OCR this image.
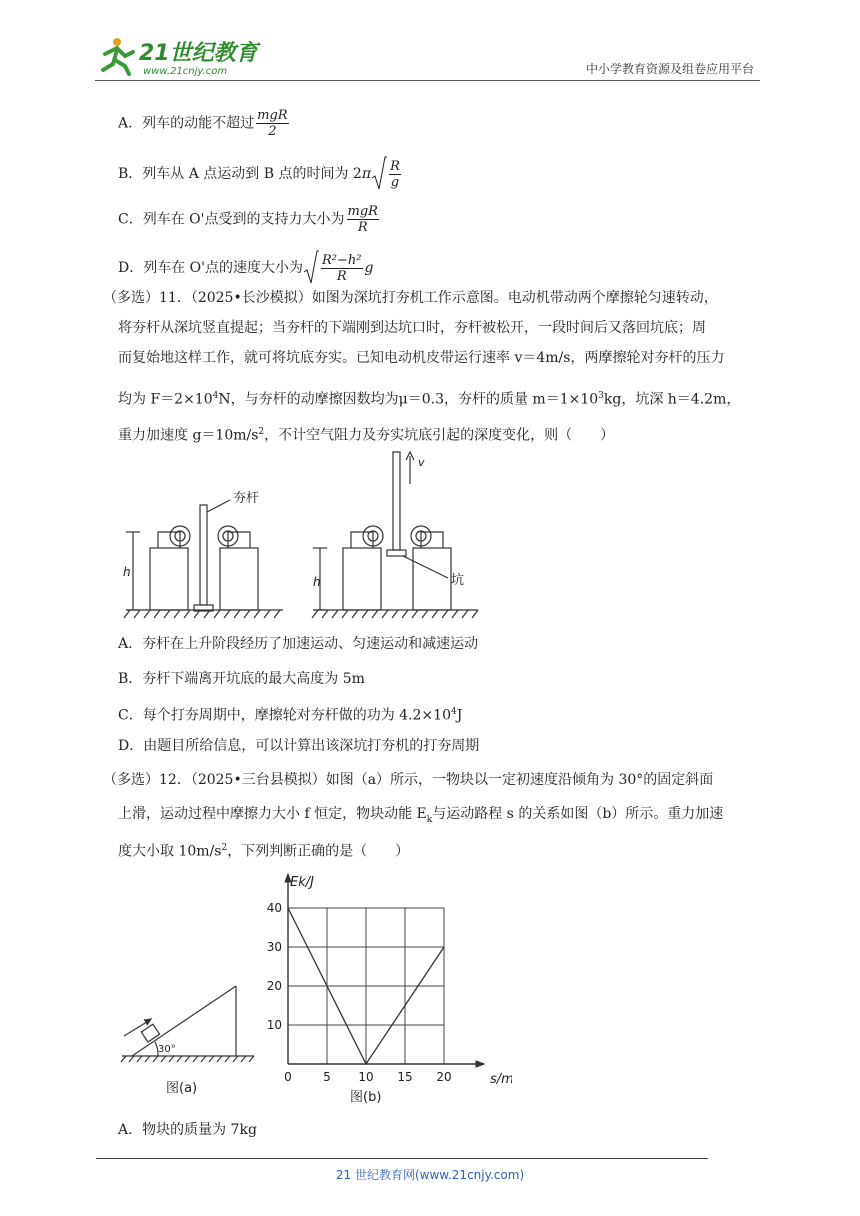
21世纪教育
www.21cnjy.com	中小学教育资源及组卷应用平台
A．列车的动能不超过 $\frac{\text{mgR}}{2}$
B．列车从 A 点运动到 B 点的时间为 $2\pi \frac{R}{g}$
C．列车在 O'点受到的支持力大小为 $\frac{\text{mgR}}{R}$
D．列车在 O'点的速度大小为 $\frac{\text{R²−h²}}{R}$ g
（多选）11．（2025•长沙模拟）如图为深坑打夯机工作示意图。电动机带动两个摩擦轮匀速转动，
将夯杆从深坑竖直提起；当夯杆的下端刚到达坑口时，夯杆被松开，一段时间后又落回坑底；周
而复始地这样工作，就可将坑底夯实。已知电动机皮带运行速率 v＝4m/s，两摩擦轮对夯杆的压力
均为 $F=2\times 10^4N$，与夯杆的动摩擦因数均为μ＝0.3，夯杆的质量 $m=1\times 10^3kg$，坑深 h＝4.2m，
重力加速度 $g=10m/s^2$，不计空气阻力及夯实坑底引起的深度变化，则（　　）
夯杆
h
v
坑
h
A．夯杆在上升阶段经历了加速运动、匀速运动和减速运动
B．夯杆下端离开坑底的最大高度为 5m
C．每个打夯周期中，摩擦轮对夯杆做的功为 $4.2\times 10^4J$
D．由题目所给信息，可以计算出该深坑打夯机的打夯周期
（多选）12．（2025•三台县模拟）如图（a）所示，一物块以一定初速度沿倾角为 30°的固定斜面
上滑，运动过程中摩擦力大小 f 恒定，物块动能 $E_k$与运动路程 s 的关系如图（b）所示。重力加速
度大小取 $10m/s^2$，下列判断正确的是（　　）
30°
图(a)
0	5 10 15 20
10
20
30
40
Ek/J
s/m
图(b)
A．物块的质量为 7kg
21 世纪教育网(www.21cnjy.com)
